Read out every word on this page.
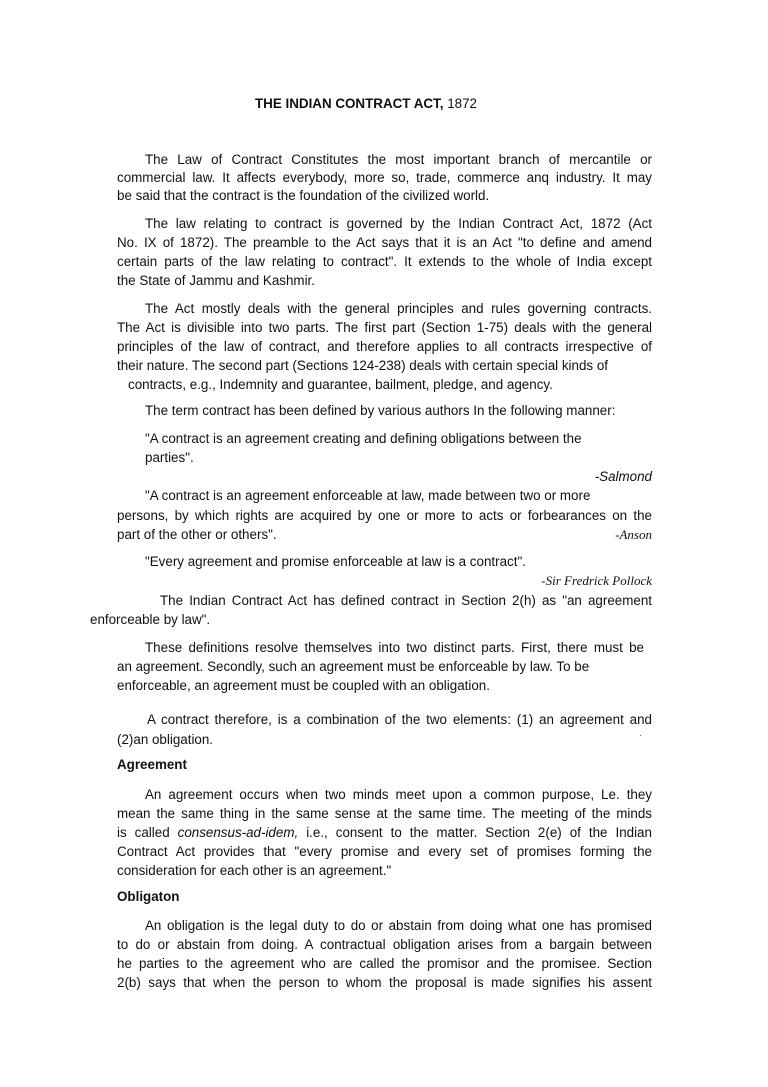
THE INDIAN CONTRACT ACT, 1872
The Law of Contract Constitutes the most important branch of mercantile or
commercial law. It affects everybody, more so, trade, commerce anq industry. It may
be said that the contract is the foundation of the civilized world.
The law relating to contract is governed by the Indian Contract Act, 1872 (Act
No. IX of 1872). The preamble to the Act says that it is an Act "to define and amend
certain parts of the law relating to contract". It extends to the whole of India except
the State of Jammu and Kashmir.
The Act mostly deals with the general principles and rules governing contracts.
The Act is divisible into two parts. The first part (Section 1-75) deals with the general
principles of the law of contract, and therefore applies to all contracts irrespective of
their nature. The second part (Sections 124-238) deals with certain special kinds of
contracts, e.g., Indemnity and guarantee, bailment, pledge, and agency.
The term contract has been defined by various authors In the following manner:
"A contract is an agreement creating and defining obligations between the
parties".
-Salmond
"A contract is an agreement enforceable at law, made between two or more
persons, by which rights are acquired by one or more to acts or forbearances on the
part of the other or others".	-Anson
"Every agreement and promise enforceable at law is a contract".
-Sir Fredrick Pollock
The Indian Contract Act has defined contract in Section 2(h) as "an agreement
enforceable by law".
These definitions resolve themselves into two distinct parts. First, there must be
an agreement. Secondly, such an agreement must be enforceable by law. To be
enforceable, an agreement must be coupled with an obligation.
A contract therefore, is a combination of the two elements: (1) an agreement and
(2)an obligation.	·
Agreement
An agreement occurs when two minds meet upon a common purpose, Le. they
mean the same thing in the same sense at the same time. The meeting of the minds
is called consensus-ad-idem, i.e., consent to the matter. Section 2(e) of the Indian
Contract Act provides that "every promise and every set of promises forming the
consideration for each other is an agreement."
Obligaton
An obligation is the legal duty to do or abstain from doing what one has promised
to do or abstain from doing. A contractual obligation arises from a bargain between
he parties to the agreement who are called the promisor and the promisee. Section
2(b) says that when the person to whom the proposal is made signifies his assent
